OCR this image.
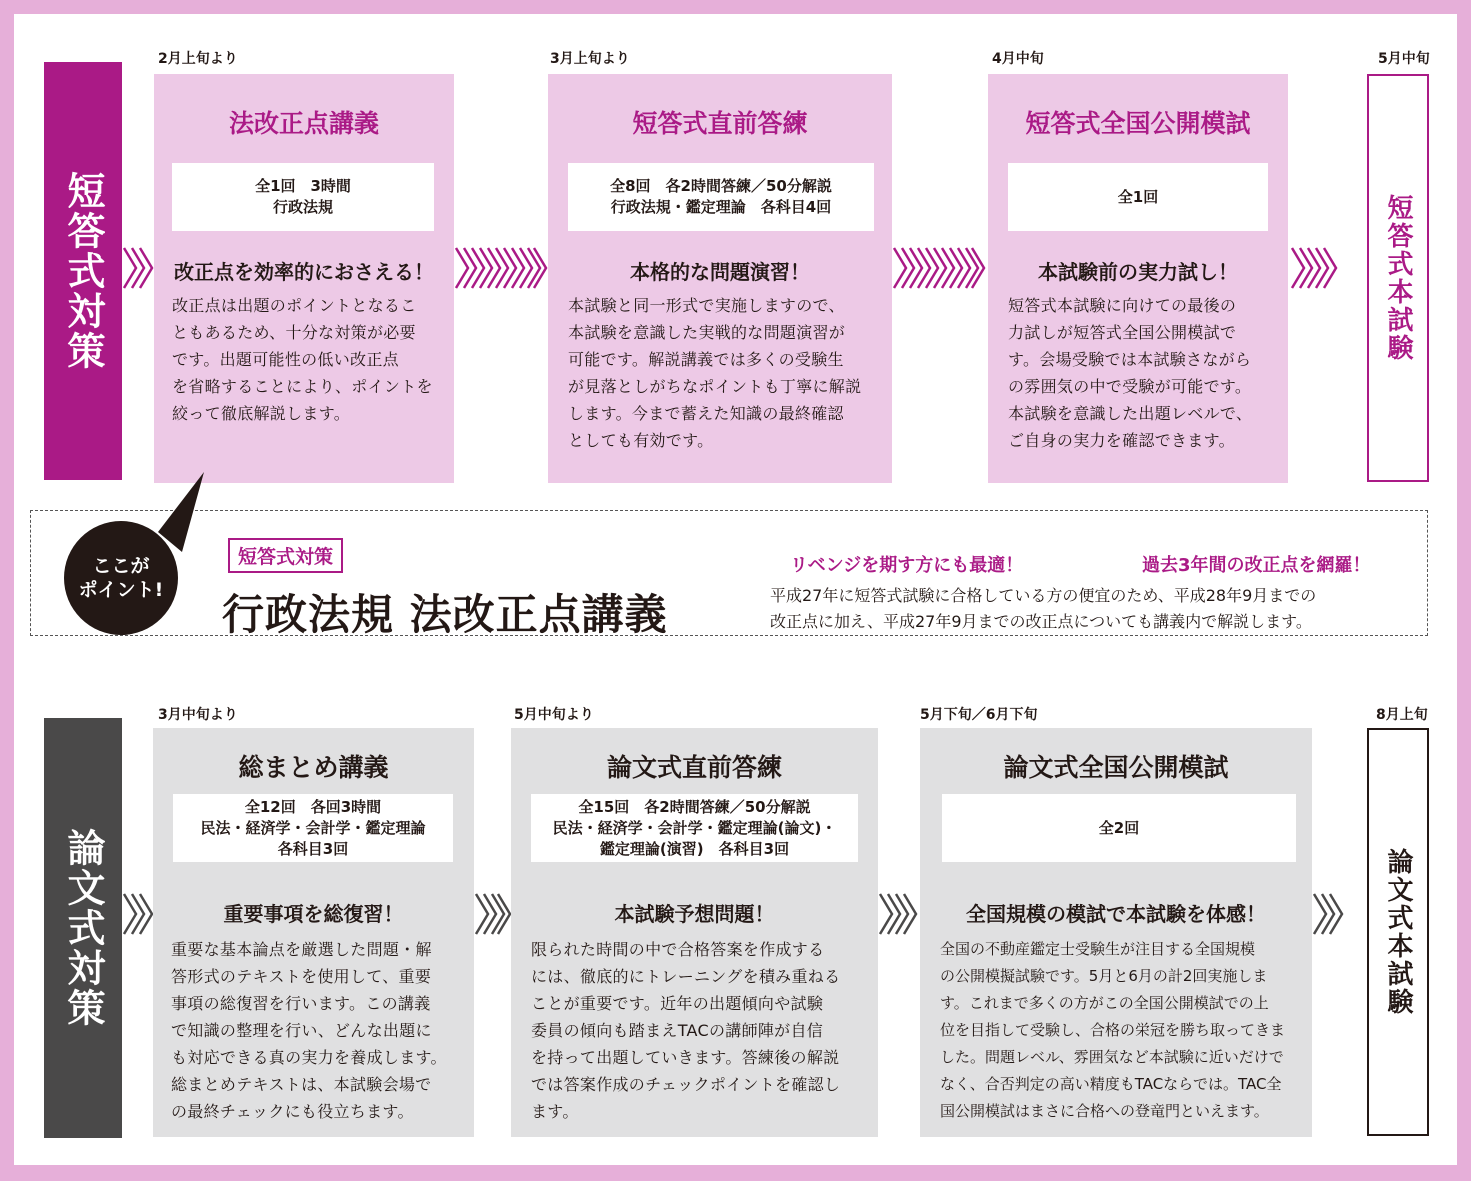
短答式対策
2月上旬より
法改正点講義
全1回　3時間
行政法規
改正点を効率的におさえる！
改正点は出題のポイントとなるこ
ともあるため、十分な対策が必要
です。出題可能性の低い改正点
を省略することにより、ポイントを
絞って徹底解説します。
3月上旬より
短答式直前答練
全8回　各2時間答練／50分解説
行政法規・鑑定理論　各科目4回
本格的な問題演習！
本試験と同一形式で実施しますので、
本試験を意識した実戦的な問題演習が
可能です。解説講義では多くの受験生
が見落としがちなポイントも丁寧に解説
します。今まで蓄えた知識の最終確認
としても有効です。
4月中旬
短答式全国公開模試
全1回
本試験前の実力試し！
短答式本試験に向けての最後の
力試しが短答式全国公開模試で
す。会場受験では本試験さながら
の雰囲気の中で受験が可能です。
本試験を意識した出題レベルで、
ご自身の実力を確認できます。
5月中旬
短答式本試験
ここが
ポイント!
短答式対策
行政法規 法改正点講義
リベンジを期す方にも最適！	過去3年間の改正点を網羅！
平成27年に短答式試験に合格している方の便宜のため、平成28年9月までの
改正点に加え、平成27年9月までの改正点についても講義内で解説します。
論文式対策
3月中旬より
総まとめ講義
全12回　各回3時間
民法・経済学・会計学・鑑定理論
各科目3回
重要事項を総復習！
重要な基本論点を厳選した問題・解
答形式のテキストを使用して、重要
事項の総復習を行います。この講義
で知識の整理を行い、どんな出題に
も対応できる真の実力を養成します。
総まとめテキストは、本試験会場で
の最終チェックにも役立ちます。
5月中旬より
論文式直前答練
全15回　各2時間答練／50分解説
民法・経済学・会計学・鑑定理論(論文)・
鑑定理論(演習)　各科目3回
本試験予想問題！
限られた時間の中で合格答案を作成する
には、徹底的にトレーニングを積み重ねる
ことが重要です。近年の出題傾向や試験
委員の傾向も踏まえTACの講師陣が自信
を持って出題していきます。答練後の解説
では答案作成のチェックポイントを確認し
ます。
5月下旬／6月下旬
論文式全国公開模試
全2回
全国規模の模試で本試験を体感！
全国の不動産鑑定士受験生が注目する全国規模
の公開模擬試験です。5月と6月の計2回実施しま
す。これまで多くの方がこの全国公開模試での上
位を目指して受験し、合格の栄冠を勝ち取ってきま
した。問題レベル、雰囲気など本試験に近いだけで
なく、合否判定の高い精度もTACならでは。TAC全
国公開模試はまさに合格への登竜門といえます。
8月上旬
論文式本試験
